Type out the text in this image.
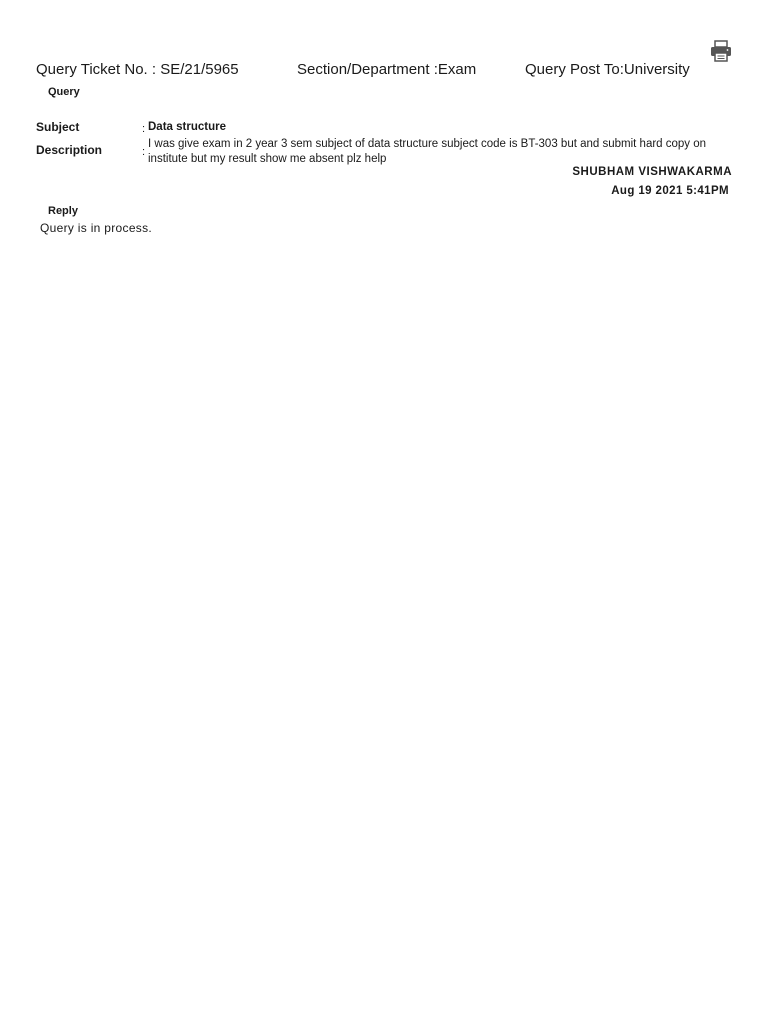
Query Ticket No. : SE/21/5965	Section/Department :Exam	Query Post To:University
Query
Subject	: Data structure
Description	:
I was give exam in 2 year 3 sem subject of data structure subject code is BT-303 but and submit hard copy on institute but my result show me absent plz help
SHUBHAM VISHWAKARMA
Aug 19 2021 5:41PM
Reply
Query is in process.
